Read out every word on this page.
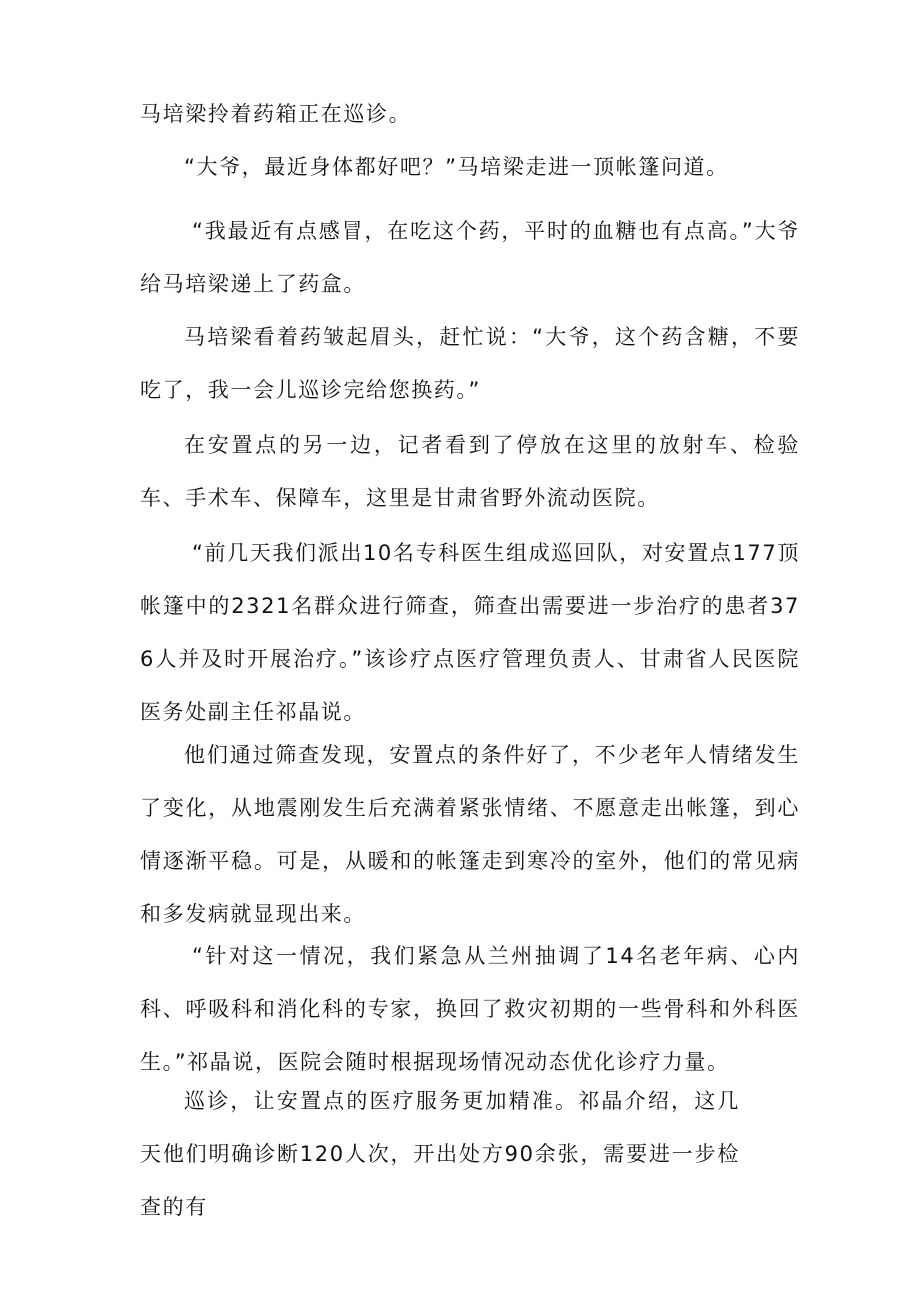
马培梁拎着药箱正在巡诊。

“大爷，最近身体都好吧？”马培梁走进一顶帐篷问道。

“我最近有点感冒，在吃这个药，平时的血糖也有点高。”大爷给马培梁递上了药盒。

马培梁看着药皱起眉头，赶忙说：“大爷，这个药含糖，不要吃了，我一会儿巡诊完给您换药。”

在安置点的另一边，记者看到了停放在这里的放射车、检验车、手术车、保障车，这里是甘肃省野外流动医院。

“前几天我们派出10名专科医生组成巡回队，对安置点177顶帐篷中的2321名群众进行筛查，筛查出需要进一步治疗的患者376人并及时开展治疗。”该诊疗点医疗管理负责人、甘肃省人民医院医务处副主任祁晶说。

他们通过筛查发现，安置点的条件好了，不少老年人情绪发生了变化，从地震刚发生后充满着紧张情绪、不愿意走出帐篷，到心情逐渐平稳。可是，从暖和的帐篷走到寒冷的室外，他们的常见病和多发病就显现出来。

“针对这一情况，我们紧急从兰州抽调了14名老年病、心内科、呼吸科和消化科的专家，换回了救灾初期的一些骨科和外科医生。”祁晶说，医院会随时根据现场情况动态优化诊疗力量。

巡诊，让安置点的医疗服务更加精准。祁晶介绍，这几天他们明确诊断120人次，开出处方90余张，需要进一步检查的有
